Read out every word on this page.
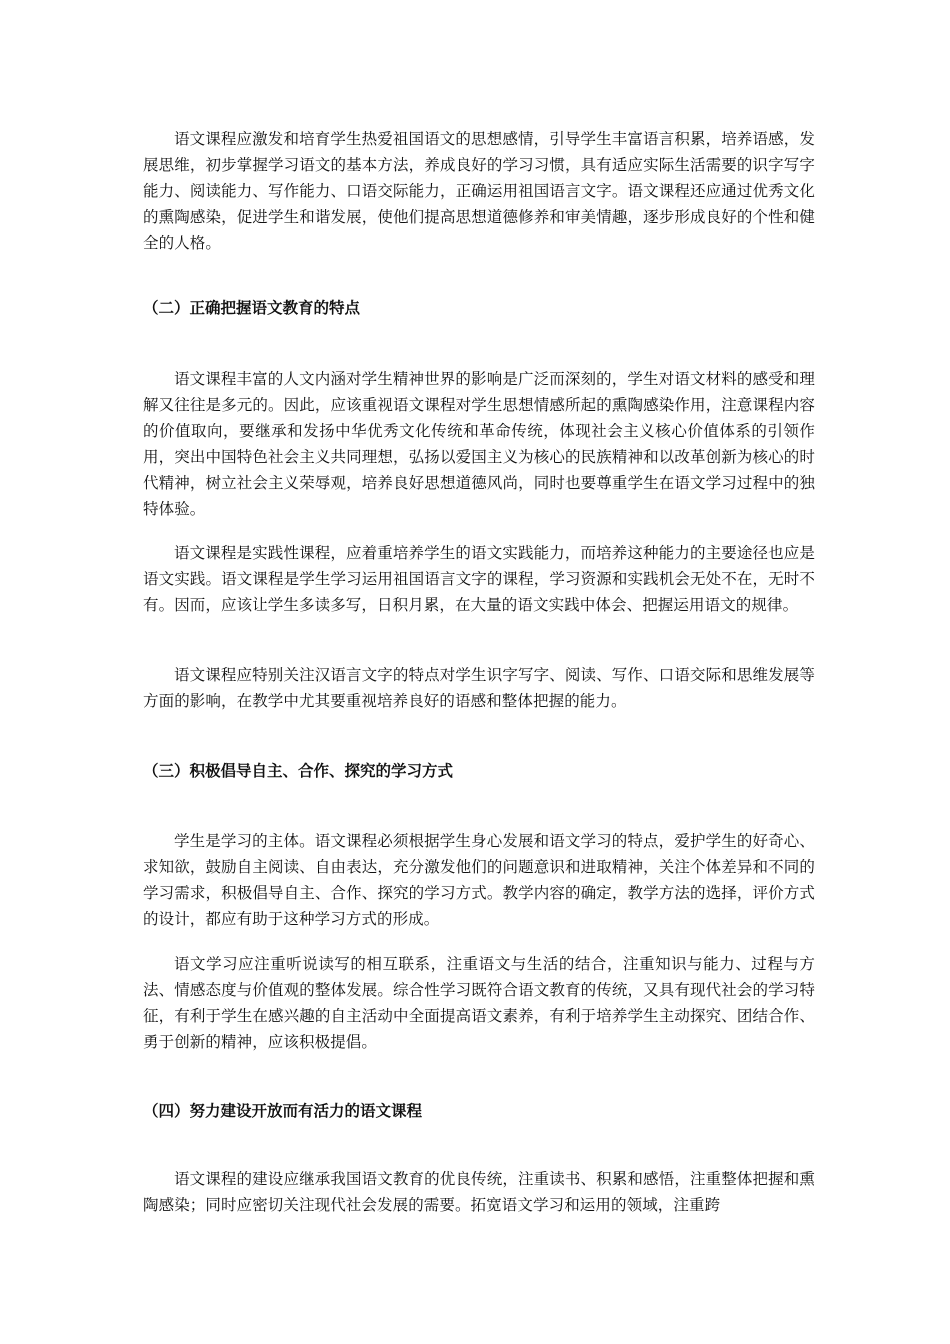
语文课程应激发和培育学生热爱祖国语文的思想感情，引导学生丰富语言积累，培养语感，发展思维，初步掌握学习语文的基本方法，养成良好的学习习惯，具有适应实际生活需要的识字写字能力、阅读能力、写作能力、口语交际能力，正确运用祖国语言文字。语文课程还应通过优秀文化的熏陶感染，促进学生和谐发展，使他们提高思想道德修养和审美情趣，逐步形成良好的个性和健全的人格。

（二）正确把握语文教育的特点

语文课程丰富的人文内涵对学生精神世界的影响是广泛而深刻的，学生对语文材料的感受和理解又往往是多元的。因此，应该重视语文课程对学生思想情感所起的熏陶感染作用，注意课程内容的价值取向，要继承和发扬中华优秀文化传统和革命传统，体现社会主义核心价值体系的引领作用，突出中国特色社会主义共同理想，弘扬以爱国主义为核心的民族精神和以改革创新为核心的时代精神，树立社会主义荣辱观，培养良好思想道德风尚，同时也要尊重学生在语文学习过程中的独特体验。

语文课程是实践性课程，应着重培养学生的语文实践能力，而培养这种能力的主要途径也应是语文实践。语文课程是学生学习运用祖国语言文字的课程，学习资源和实践机会无处不在，无时不有。因而，应该让学生多读多写，日积月累，在大量的语文实践中体会、把握运用语文的规律。

语文课程应特别关注汉语言文字的特点对学生识字写字、阅读、写作、口语交际和思维发展等方面的影响，在教学中尤其要重视培养良好的语感和整体把握的能力。

（三）积极倡导自主、合作、探究的学习方式

学生是学习的主体。语文课程必须根据学生身心发展和语文学习的特点，爱护学生的好奇心、求知欲，鼓励自主阅读、自由表达，充分激发他们的问题意识和进取精神，关注个体差异和不同的学习需求，积极倡导自主、合作、探究的学习方式。教学内容的确定，教学方法的选择，评价方式的设计，都应有助于这种学习方式的形成。

语文学习应注重听说读写的相互联系，注重语文与生活的结合，注重知识与能力、过程与方法、情感态度与价值观的整体发展。综合性学习既符合语文教育的传统，又具有现代社会的学习特征，有利于学生在感兴趣的自主活动中全面提高语文素养，有利于培养学生主动探究、团结合作、勇于创新的精神，应该积极提倡。

（四）努力建设开放而有活力的语文课程

语文课程的建设应继承我国语文教育的优良传统，注重读书、积累和感悟，注重整体把握和熏陶感染；同时应密切关注现代社会发展的需要。拓宽语文学习和运用的领域，注重跨
